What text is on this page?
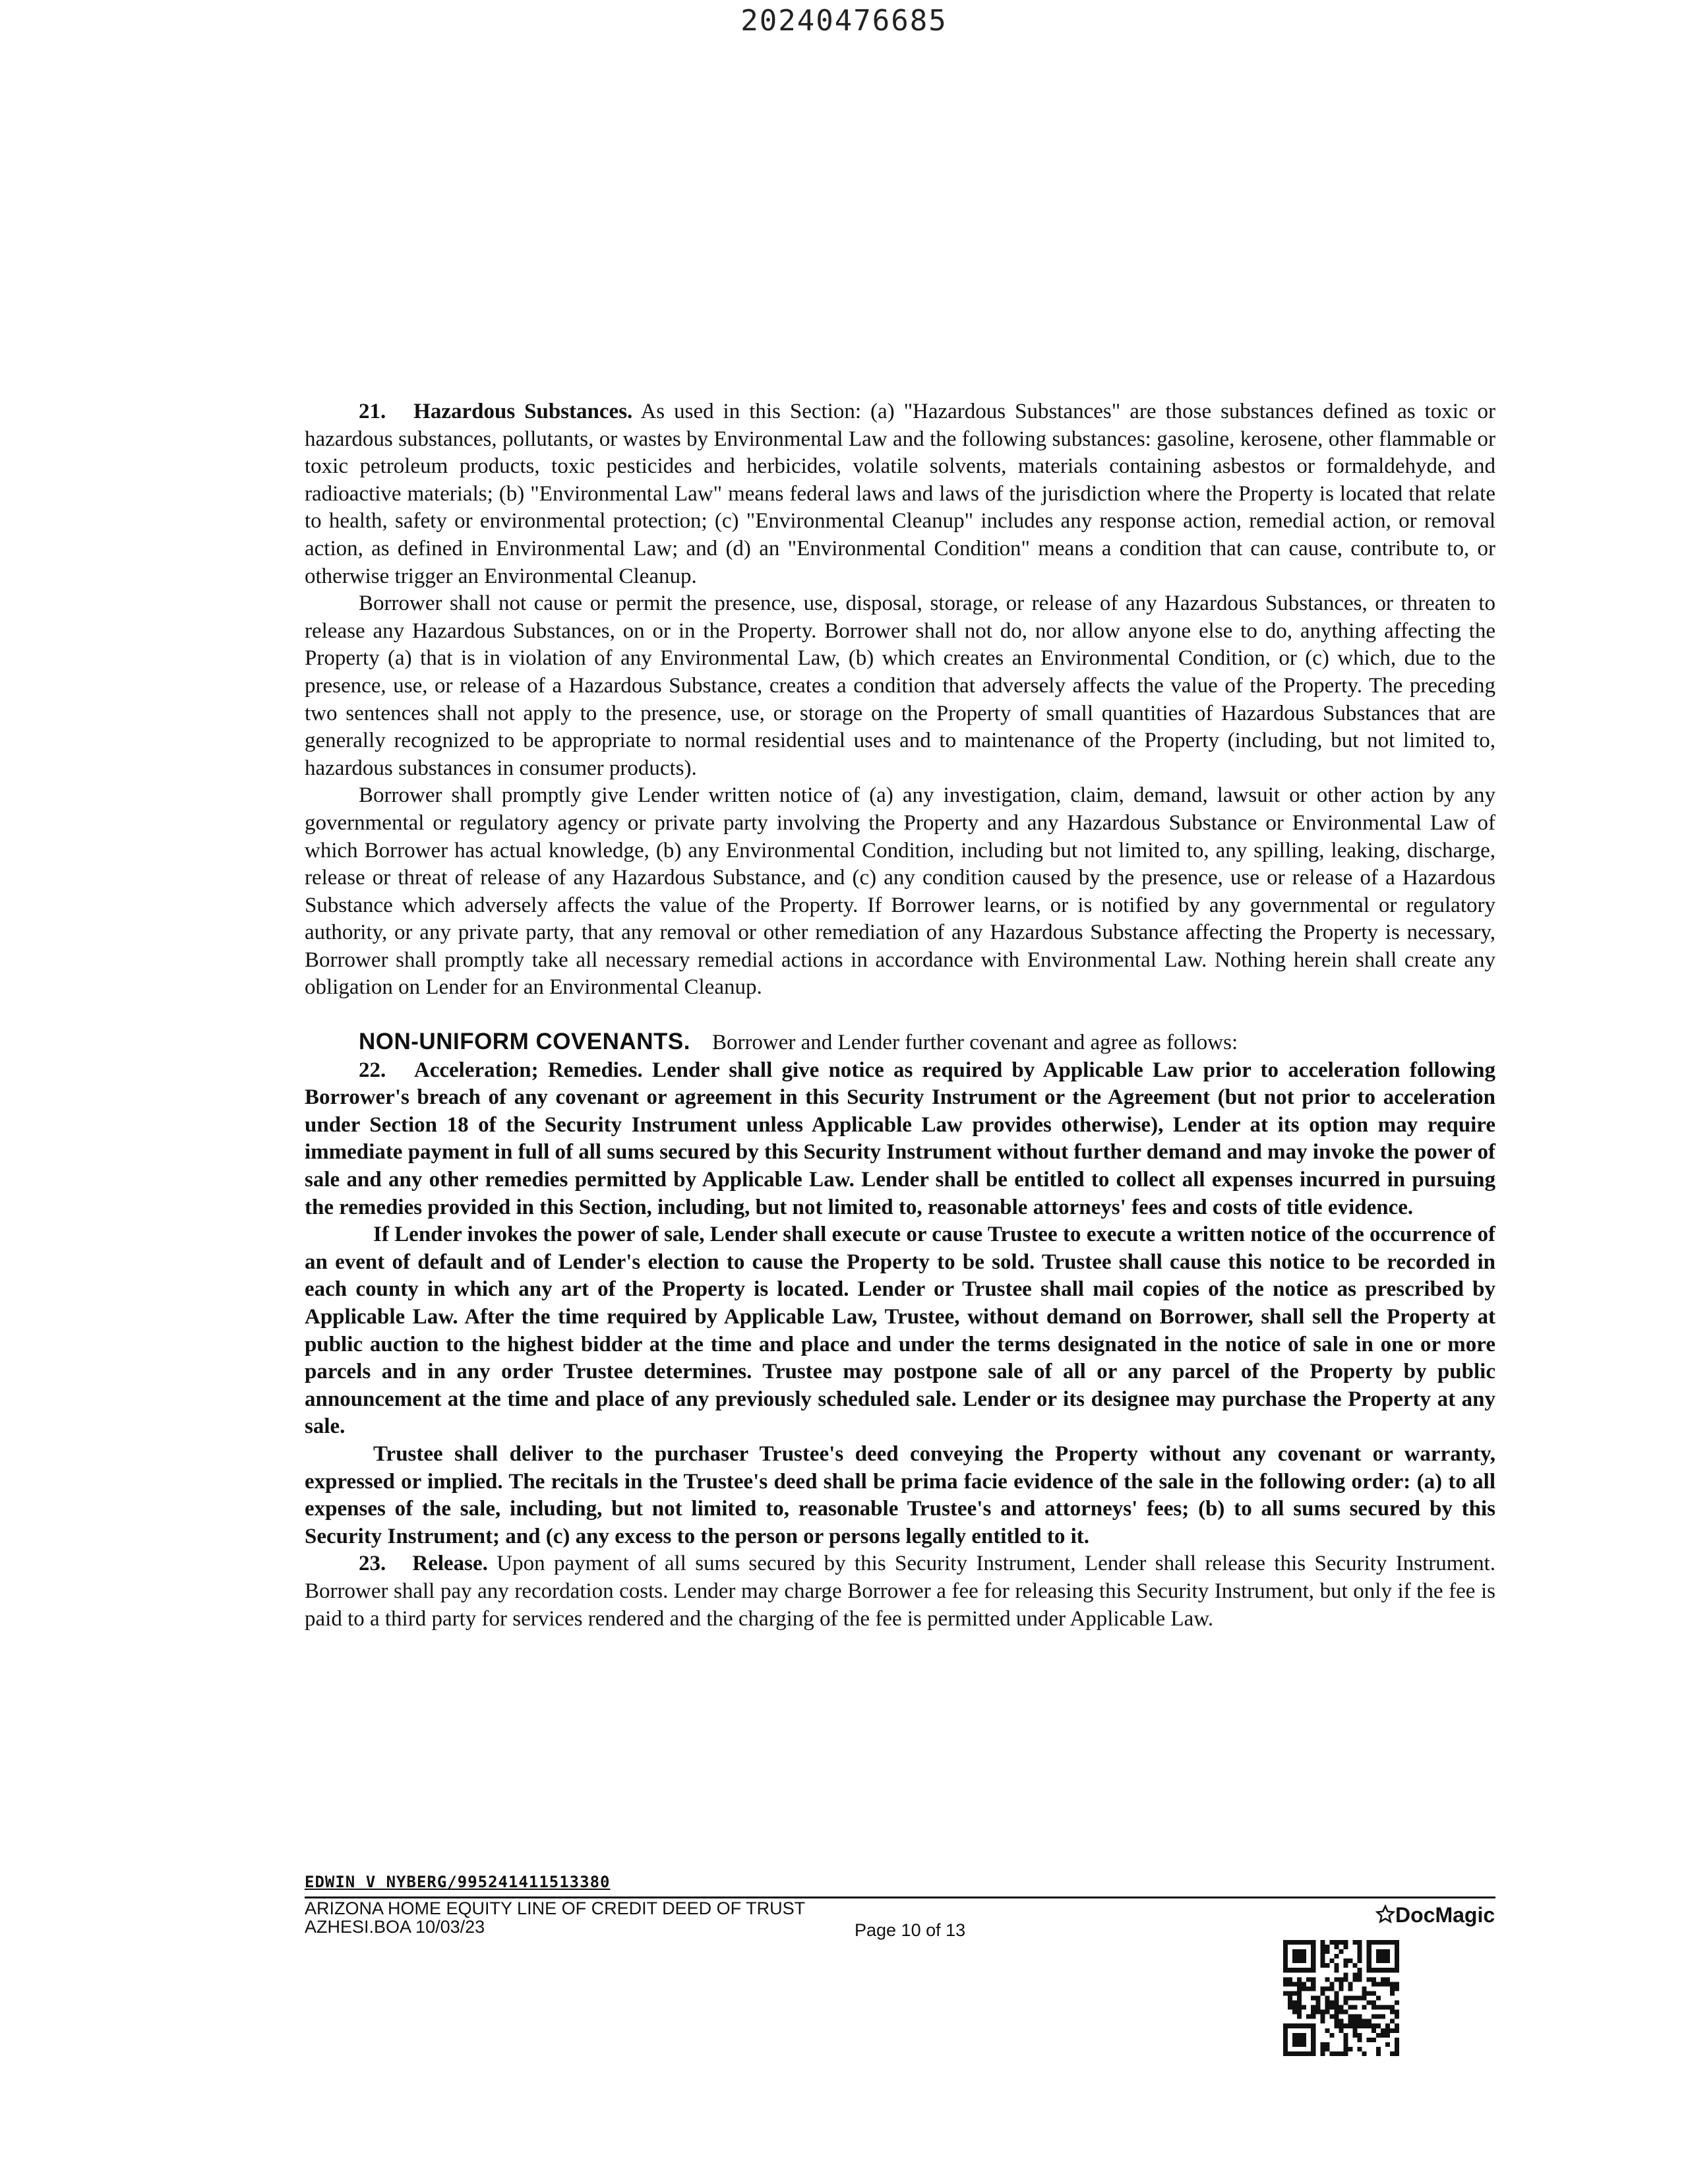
20240476685

21. Hazardous Substances. As used in this Section: (a) "Hazardous Substances" are those substances defined as toxic or hazardous substances, pollutants, or wastes by Environmental Law and the following substances: gasoline, kerosene, other flammable or toxic petroleum products, toxic pesticides and herbicides, volatile solvents, materials containing asbestos or formaldehyde, and radioactive materials; (b) "Environmental Law" means federal laws and laws of the jurisdiction where the Property is located that relate to health, safety or environmental protection; (c) "Environmental Cleanup" includes any response action, remedial action, or removal action, as defined in Environmental Law; and (d) an "Environmental Condition" means a condition that can cause, contribute to, or otherwise trigger an Environmental Cleanup.

Borrower shall not cause or permit the presence, use, disposal, storage, or release of any Hazardous Substances, or threaten to release any Hazardous Substances, on or in the Property. Borrower shall not do, nor allow anyone else to do, anything affecting the Property (a) that is in violation of any Environmental Law, (b) which creates an Environmental Condition, or (c) which, due to the presence, use, or release of a Hazardous Substance, creates a condition that adversely affects the value of the Property. The preceding two sentences shall not apply to the presence, use, or storage on the Property of small quantities of Hazardous Substances that are generally recognized to be appropriate to normal residential uses and to maintenance of the Property (including, but not limited to, hazardous substances in consumer products).

Borrower shall promptly give Lender written notice of (a) any investigation, claim, demand, lawsuit or other action by any governmental or regulatory agency or private party involving the Property and any Hazardous Substance or Environmental Law of which Borrower has actual knowledge, (b) any Environmental Condition, including but not limited to, any spilling, leaking, discharge, release or threat of release of any Hazardous Substance, and (c) any condition caused by the presence, use or release of a Hazardous Substance which adversely affects the value of the Property. If Borrower learns, or is notified by any governmental or regulatory authority, or any private party, that any removal or other remediation of any Hazardous Substance affecting the Property is necessary, Borrower shall promptly take all necessary remedial actions in accordance with Environmental Law. Nothing herein shall create any obligation on Lender for an Environmental Cleanup.

NON-UNIFORM COVENANTS. Borrower and Lender further covenant and agree as follows:

22. Acceleration; Remedies. Lender shall give notice as required by Applicable Law prior to acceleration following Borrower's breach of any covenant or agreement in this Security Instrument or the Agreement (but not prior to acceleration under Section 18 of the Security Instrument unless Applicable Law provides otherwise), Lender at its option may require immediate payment in full of all sums secured by this Security Instrument without further demand and may invoke the power of sale and any other remedies permitted by Applicable Law. Lender shall be entitled to collect all expenses incurred in pursuing the remedies provided in this Section, including, but not limited to, reasonable attorneys' fees and costs of title evidence.

If Lender invokes the power of sale, Lender shall execute or cause Trustee to execute a written notice of the occurrence of an event of default and of Lender's election to cause the Property to be sold. Trustee shall cause this notice to be recorded in each county in which any art of the Property is located. Lender or Trustee shall mail copies of the notice as prescribed by Applicable Law. After the time required by Applicable Law, Trustee, without demand on Borrower, shall sell the Property at public auction to the highest bidder at the time and place and under the terms designated in the notice of sale in one or more parcels and in any order Trustee determines. Trustee may postpone sale of all or any parcel of the Property by public announcement at the time and place of any previously scheduled sale. Lender or its designee may purchase the Property at any sale.

Trustee shall deliver to the purchaser Trustee's deed conveying the Property without any covenant or warranty, expressed or implied. The recitals in the Trustee's deed shall be prima facie evidence of the sale in the following order: (a) to all expenses of the sale, including, but not limited to, reasonable Trustee's and attorneys' fees; (b) to all sums secured by this Security Instrument; and (c) any excess to the person or persons legally entitled to it.

23. Release. Upon payment of all sums secured by this Security Instrument, Lender shall release this Security Instrument. Borrower shall pay any recordation costs. Lender may charge Borrower a fee for releasing this Security Instrument, but only if the fee is paid to a third party for services rendered and the charging of the fee is permitted under Applicable Law.

EDWIN V NYBERG/995241411513380
ARIZONA HOME EQUITY LINE OF CREDIT DEED OF TRUST
AZHESI.BOA 10/03/23	Page 10 of 13
DocMagic
